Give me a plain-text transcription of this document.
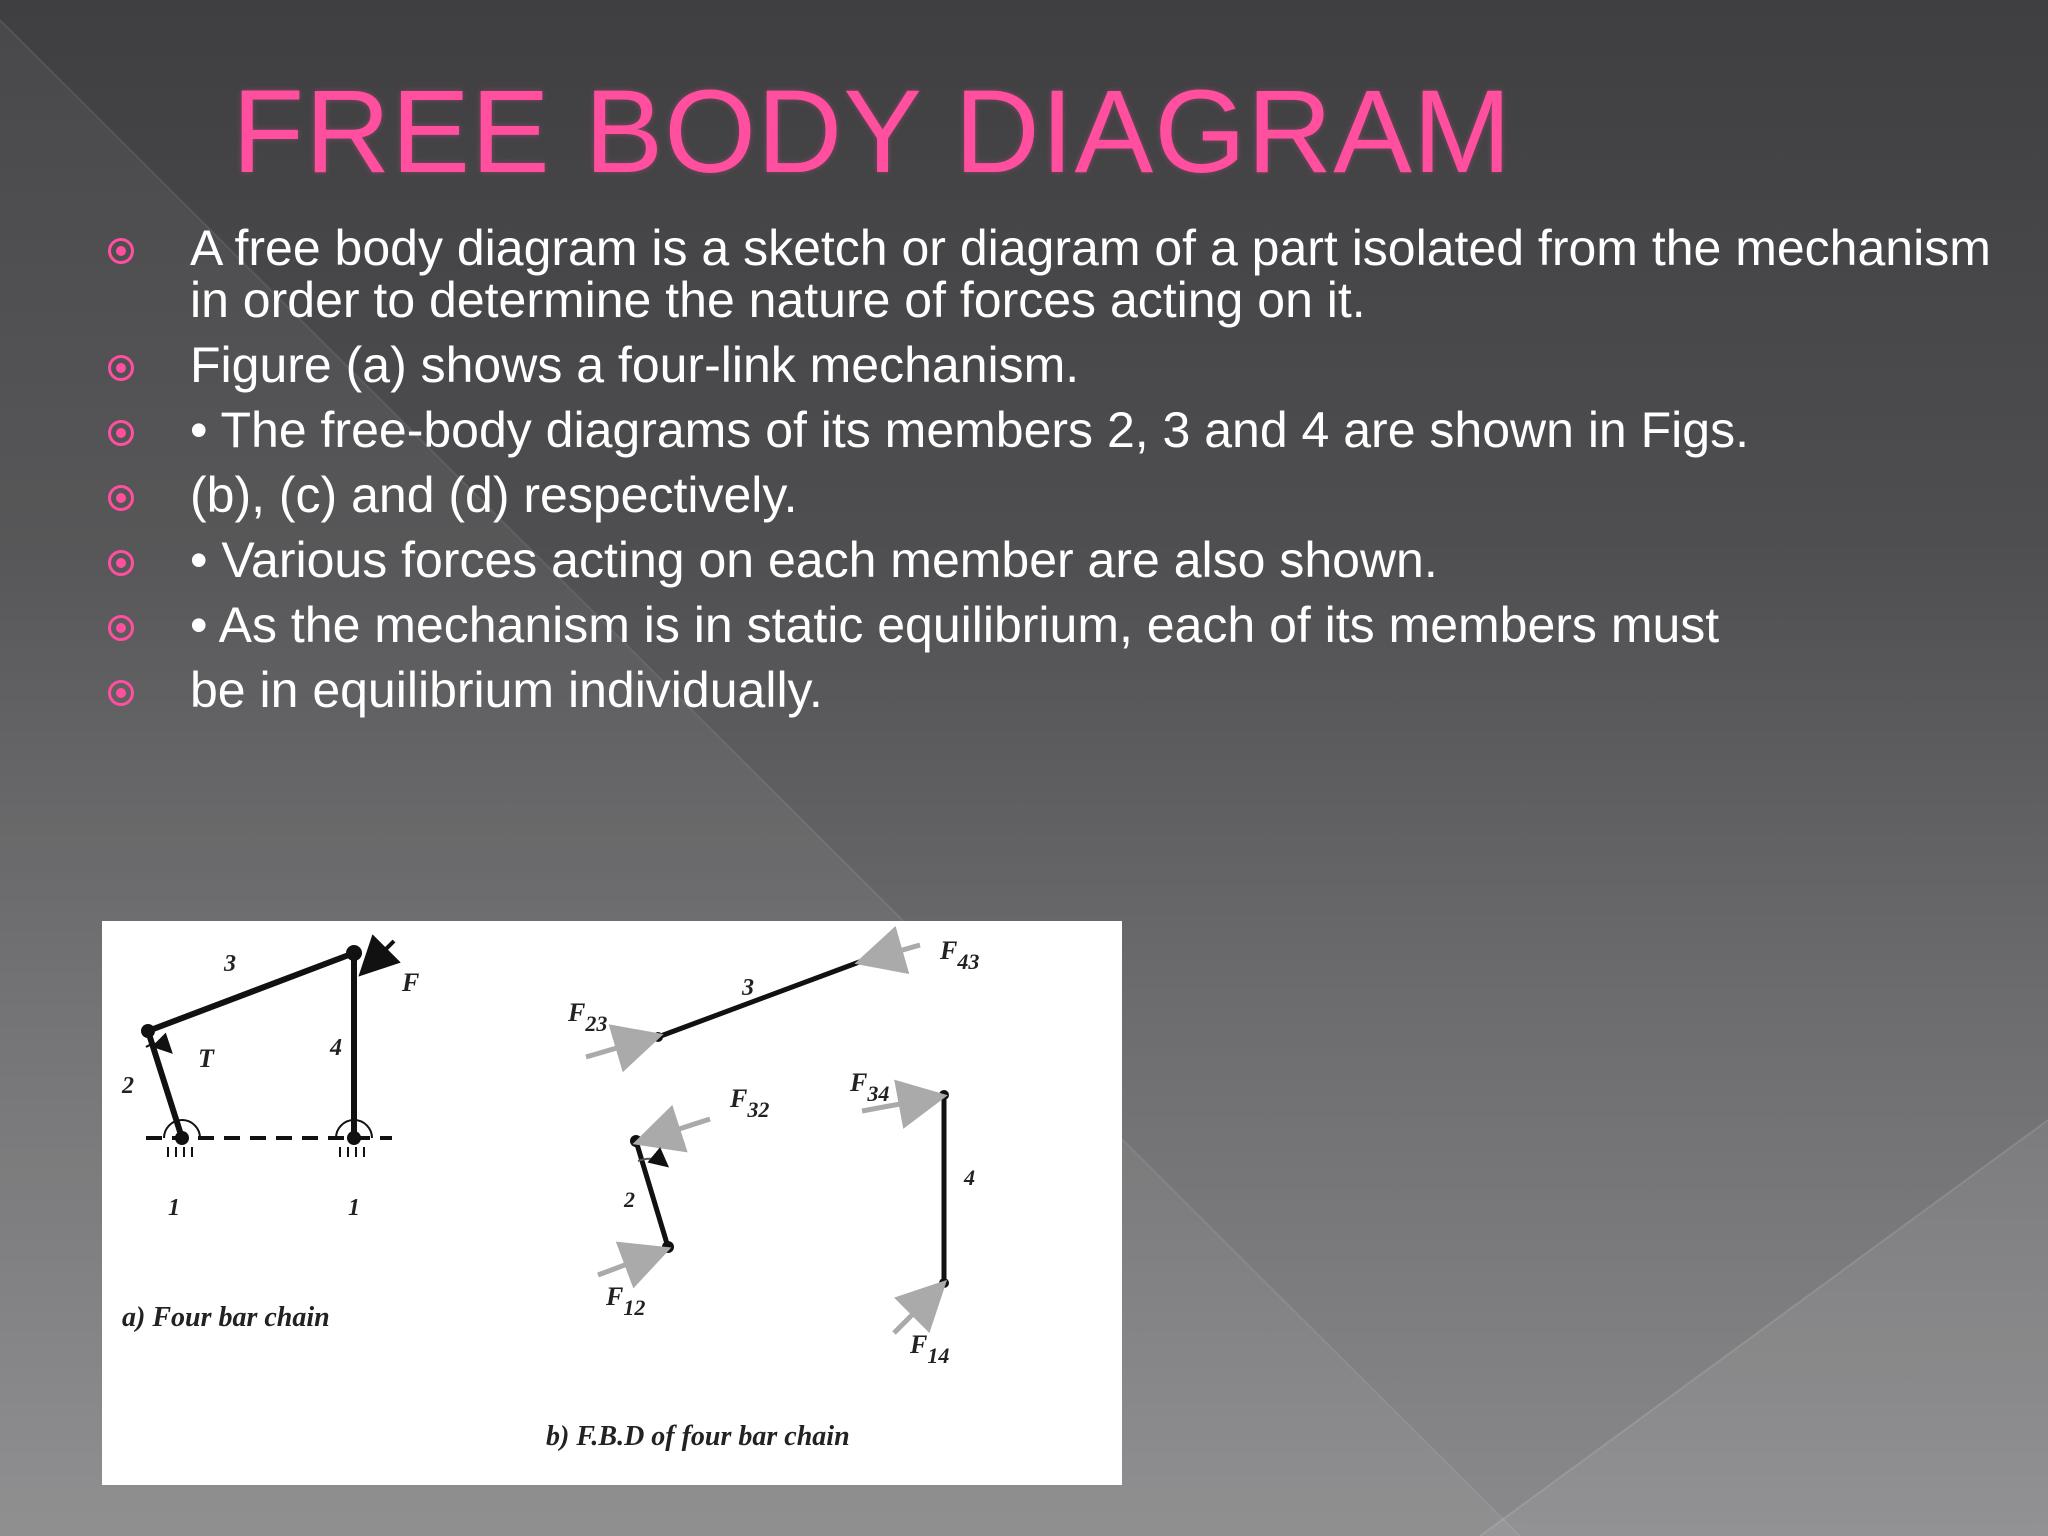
FREE BODY DIAGRAM
A free body diagram is a sketch or diagram of a part isolated from the mechanism in order to determine the nature of forces acting on it.
Figure (a) shows a four-link mechanism.
• The free-body diagrams of its members 2, 3 and 4 are shown in Figs.
(b), (c) and (d) respectively.
• Various forces acting on each member are also shown.
• As the mechanism is in static equilibrium, each of its members must
be in equilibrium individually.
3
4
2
T
F
1	1
a) Four bar chain
3
$F_{43}$
$F_{23}$
2
$F_{32}$
$F_{12}$
4
$F_{34}$
$F_{14}$
b) F.B.D of four bar chain
